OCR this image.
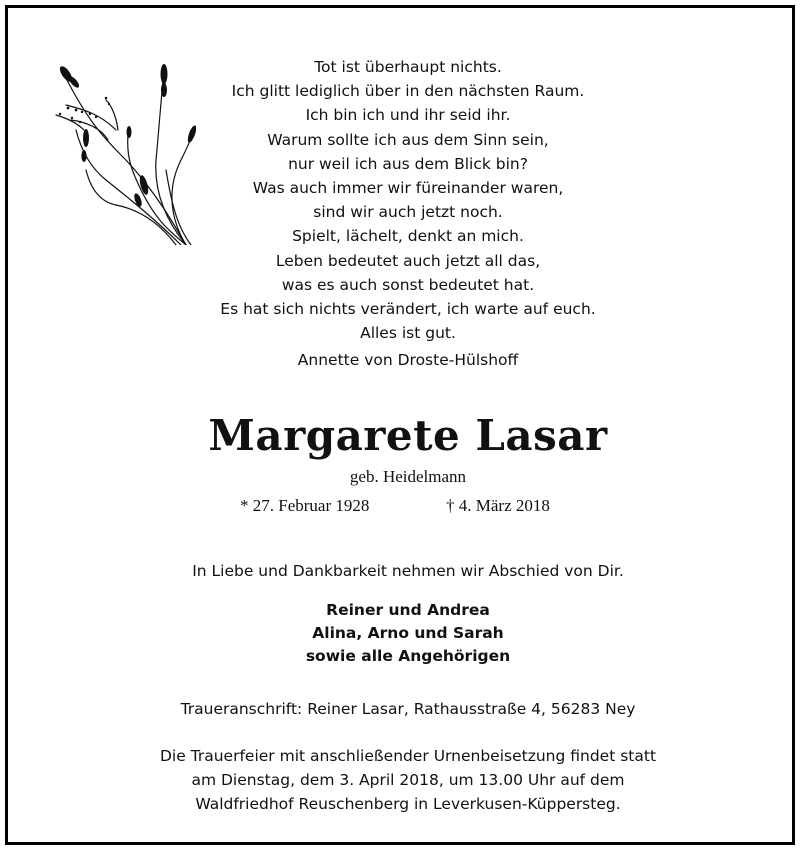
Tot ist überhaupt nichts.
Ich glitt lediglich über in den nächsten Raum.
Ich bin ich und ihr seid ihr.
Warum sollte ich aus dem Sinn sein,
nur weil ich aus dem Blick bin?
Was auch immer wir füreinander waren,
sind wir auch jetzt noch.
Spielt, lächelt, denkt an mich.
Leben bedeutet auch jetzt all das,
was es auch sonst bedeutet hat.
Es hat sich nichts verändert, ich warte auf euch.
Alles ist gut.
Annette von Droste-Hülshoff
Margarete Lasar
geb. Heidelmann
* 27. Februar 1928	† 4. März 2018
In Liebe und Dankbarkeit nehmen wir Abschied von Dir.
Reiner und Andrea
Alina, Arno und Sarah
sowie alle Angehörigen
Traueranschrift: Reiner Lasar, Rathausstraße 4, 56283 Ney
Die Trauerfeier mit anschließender Urnenbeisetzung findet statt
am Dienstag, dem 3. April 2018, um 13.00 Uhr auf dem
Waldfriedhof Reuschenberg in Leverkusen-Küppersteg.
